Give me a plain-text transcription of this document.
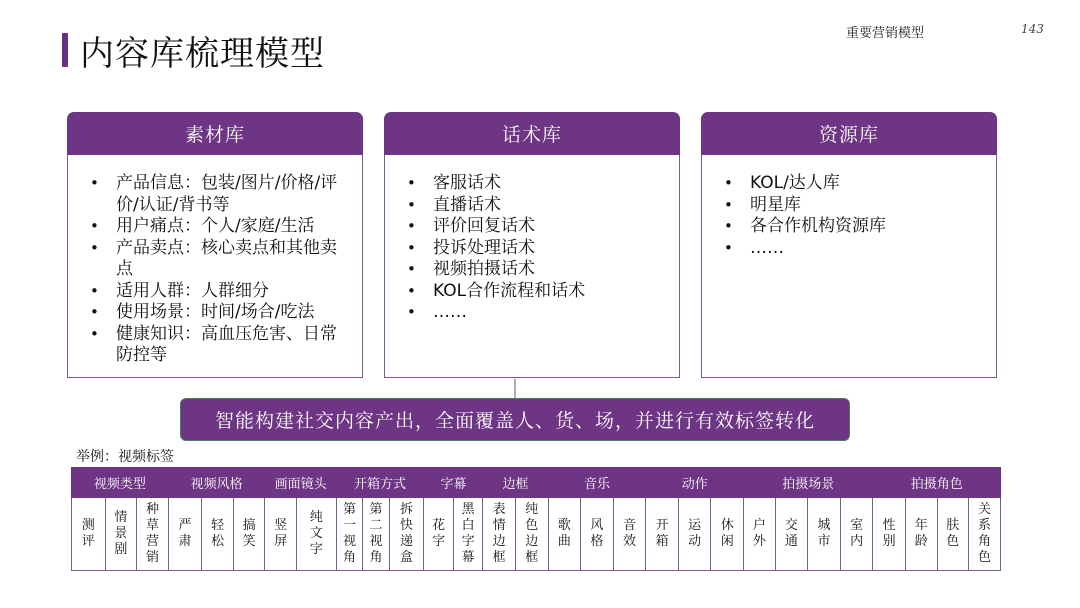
内容库梳理模型
重要营销模型	143
素材库
• 产品信息：包装/图片/价格/评价/认证/背书等
• 用户痛点：个人/家庭/生活
• 产品卖点：核心卖点和其他卖点
• 适用人群：人群细分
• 使用场景：时间/场合/吃法
• 健康知识：高血压危害、日常防控等
话术库
• 客服话术
• 直播话术
• 评价回复话术
• 投诉处理话术
• 视频拍摄话术
• KOL合作流程和话术
• ……
资源库
• KOL/达人库
• 明星库
• 各合作机构资源库
• ……
智能构建社交内容产出，全面覆盖人、货、场，并进行有效标签转化
举例：视频标签
视频类型			视频风格			画面镜头		开箱方式			字幕		边框		音乐			动作			拍摄场景				拍摄角色			
测评	情景剧	种草营销	严肃	轻松	搞笑	竖屏	纯文字	第一视角	第二视角	拆快递盒	花字	黑白字幕	表情边框	纯色边框	歌曲	风格	音效	开箱	运动	休闲	户外	交通	城市	室内	性别	年龄	肤色	关系角色
